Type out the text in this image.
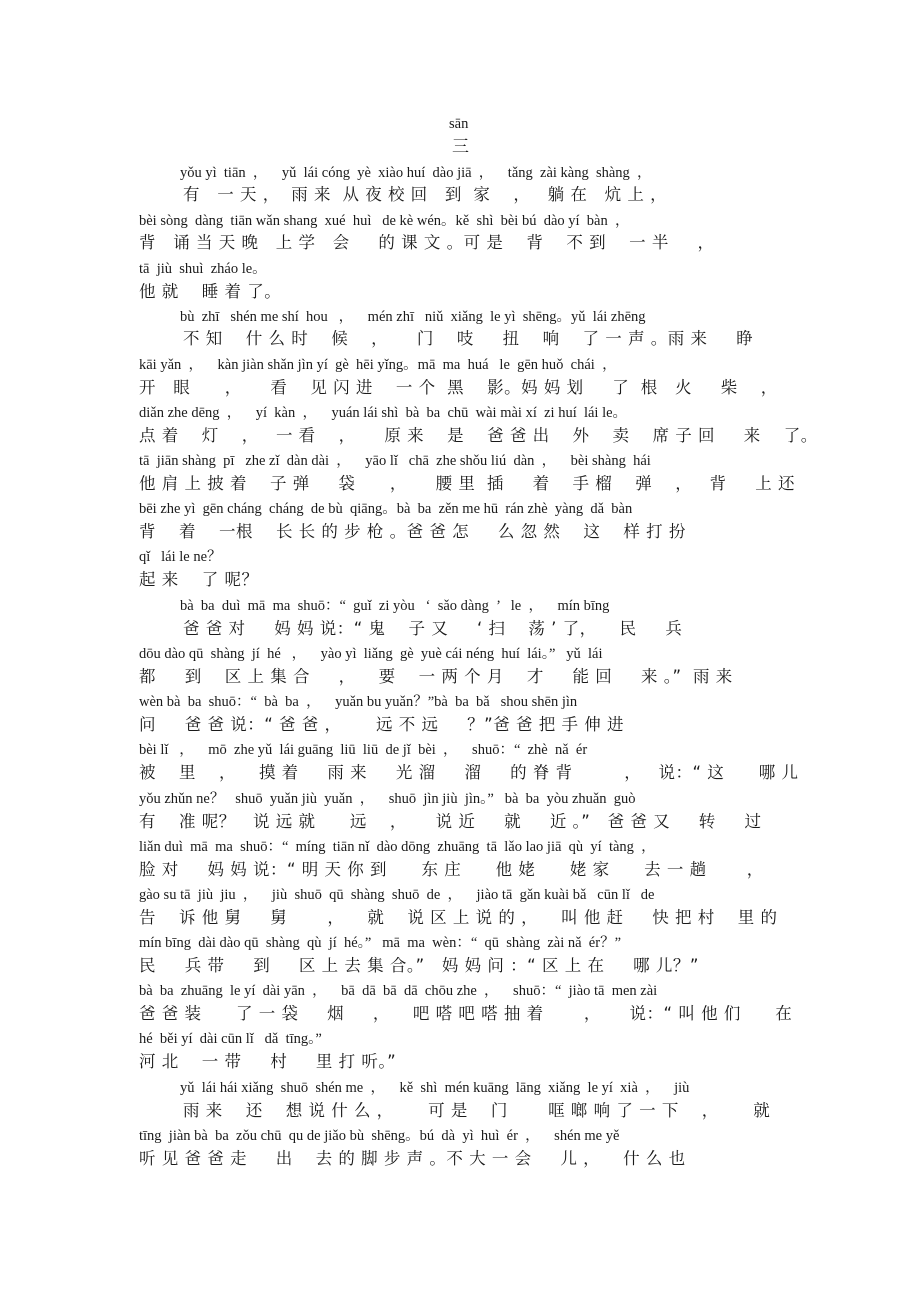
sān
三
yǒu yì  tiān  ，    yǔ  lái cóng  yè  xiào huí  dào jiā  ，    tǎng  zài kàng  shàng  ，
有   一 天 ，  雨 来  从 夜 校 回   到  家    ，   躺 在   炕 上 ，
bèi sòng  dàng  tiān wǎn shang  xué  huì   de kè wén。kě  shì  bèi bú  dào yí  bàn  ，
背   诵 当 天 晚   上 学   会     的 课 文 。可 是    背    不 到    一 半     ，
tā  jiù  shuì  zháo le。
他 就    睡 着 了。
bù  zhī   shén me shí  hou   ，    mén zhī   niǔ  xiǎng  le yì  shēng。yǔ  lái zhēng
不 知    什 么 时    候    ，     门    吱     扭    响    了 一 声 。雨 来     睁
kāi yǎn  ，    kàn jiàn shǎn jìn yí  gè  hēi yǐng。mā  ma  huá   le  gēn huǒ  chái  ，
开   眼      ，     看    见 闪 进    一 个  黑    影。妈 妈 划     了  根   火     柴    ，
diǎn zhe dēng  ，    yí  kàn  ，    yuán lái shì  bà  ba  chū  wài mài xí  zi huí  lái le。
点 着    灯    ，   一 看    ，     原 来    是    爸 爸 出    外    卖    席 子 回     来    了。
tā  jiān shàng  pī   zhe zǐ  dàn dài  ，    yāo lǐ   chā  zhe shǒu liú  dàn  ，    bèi shàng  hái
他 肩 上 披 着    子 弹     袋      ，     腰 里  插     着    手 榴    弹    ，   背     上 还
bēi zhe yì  gēn cháng  cháng  de bù  qiāng。bà  ba  zěn me hū  rán zhè  yàng  dǎ  bàn
背    着    一根    长 长 的 步 枪 。爸 爸 怎     么 忽 然    这    样 打 扮
qǐ   lái le ne？
起 来    了 呢？
bà  ba  duì  mā  ma  shuō：“  guǐ  zi yòu   ‘  sǎo dàng  ’   le  ，    mín bīng
爸 爸 对     妈 妈 说：“ 鬼    子 又     ‘ 扫    荡 ’ 了，    民     兵
dōu dào qū  shàng  jí  hé   ，    yào yì  liǎng  gè  yuè cái néng  huí  lái。”   yǔ  lái
都     到    区 上 集 合     ，    要    一 两 个 月    才     能 回     来 。”  雨 来
wèn bà  ba  shuō：“  bà  ba  ，    yuǎn bu yuǎn？”bà  ba  bǎ   shou shēn jìn
问     爸 爸 说：“ 爸 爸 ，      远 不 远     ？”爸 爸 把 手 伸 进
bèi lǐ   ，    mō  zhe yǔ  lái guāng  liū  liū  de jǐ  bèi  ，    shuō：“  zhè  nǎ  ér
被    里    ，    摸 着     雨 来     光 溜     溜     的 脊 背         ，   说：“ 这      哪 儿
yǒu zhǔn ne？   shuō  yuǎn jiù  yuǎn  ，    shuō  jìn jiù  jìn。”   bà  ba  yòu zhuǎn  guò
有    准 呢？   说 远 就      远    ，     说 近     就     近 。”   爸 爸 又     转     过
liǎn duì  mā  ma  shuō：“  míng  tiān nǐ  dào dōng  zhuāng  tā  lǎo lao jiā  qù  yí  tàng  ，
脸 对     妈 妈 说：“ 明 天 你 到      东 庄      他 姥      姥 家      去 一 趟       ，
gào su tā  jiù  jiu  ，    jiù  shuō  qū  shàng  shuō  de  ，    jiào tā  gǎn kuài bǎ   cūn lǐ   de
告    诉 他 舅     舅       ，    就    说 区 上 说 的 ，    叫 他 赶     快 把 村    里 的
mín bīng  dài dào qū  shàng  qù  jí  hé。”   mā  ma  wèn：“  qū  shàng  zài nǎ  ér？”
民     兵 带     到     区 上 去 集 合。”   妈 妈 问 ：“ 区 上 在     哪 儿？”
bà  ba  zhuāng  le yí  dài yān  ，    bā  dā  bā  dā  chōu zhe  ，    shuō：“  jiào tā  men zài
爸 爸 装      了 一 袋     烟     ，    吧 嗒 吧 嗒 抽 着       ，     说：“ 叫 他 们      在
hé  běi yí  dài cūn lǐ   dǎ  tīng。”
河 北    一 带     村     里 打 听。”
yǔ  lái hái xiǎng  shuō  shén me  ，    kě  shì  mén kuāng  lāng  xiǎng  le yí  xià  ，    jiù
雨 来    还    想 说 什 么 ，      可 是    门       哐 啷 响 了 一 下    ，      就
tīng  jiàn bà  ba  zǒu chū  qu de jiǎo bù  shēng。bú  dà  yì  huì  ér  ，    shén me yě
听 见 爸 爸 走     出    去 的 脚 步 声 。不 大 一 会     儿 ，    什 么 也
